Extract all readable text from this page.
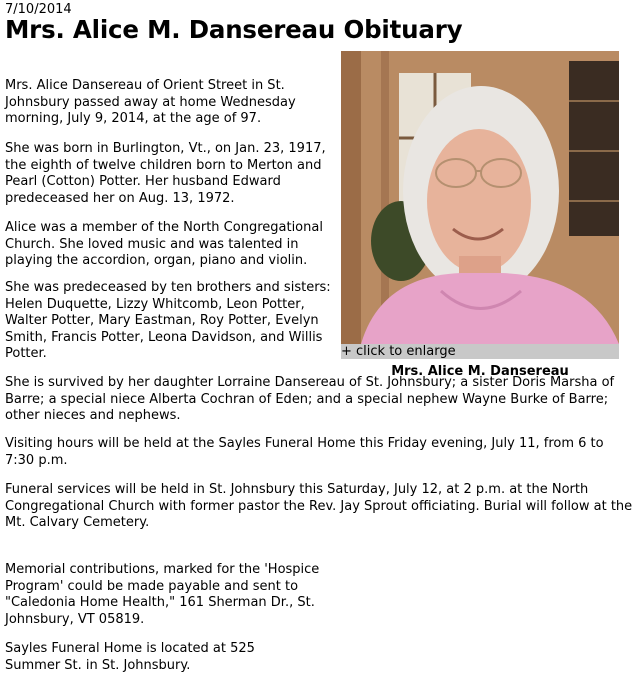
7/10/2014
Mrs. Alice M. Dansereau Obituary

Mrs. Alice Dansereau of Orient Street in St. Johnsbury passed away at home Wednesday morning, July 9, 2014, at the age of 97.

She was born in Burlington, Vt., on Jan. 23, 1917, the eighth of twelve children born to Merton and Pearl (Cotton) Potter. Her husband Edward predeceased her on Aug. 13, 1972.

Alice was a member of the North Congregational Church. She loved music and was talented in playing the accordion, organ, piano and violin.

She was predeceased by ten brothers and sisters: Helen Duquette, Lizzy Whitcomb, Leon Potter, Walter Potter, Mary Eastman, Roy Potter, Evelyn Smith, Francis Potter, Leona Davidson, and Willis Potter.

She is survived by her daughter Lorraine Dansereau of St. Johnsbury; a sister Doris Marsha of Barre; a special niece Alberta Cochran of Eden; and a special nephew Wayne Burke of Barre; other nieces and nephews.

Visiting hours will be held at the Sayles Funeral Home this Friday evening, July 11, from 6 to 7:30 p.m.

Funeral services will be held in St. Johnsbury this Saturday, July 12, at 2 p.m. at the North Congregational Church with former pastor the Rev. Jay Sprout officiating. Burial will follow at the Mt. Calvary Cemetery.

Memorial contributions, marked for the 'Hospice Program' could be made payable and sent to "Caledonia Home Health," 161 Sherman Dr., St. Johnsbury, VT 05819.

Sayles Funeral Home is located at 525 Summer St. in St. Johnsbury.

+ click to enlarge
Mrs. Alice M. Dansereau
